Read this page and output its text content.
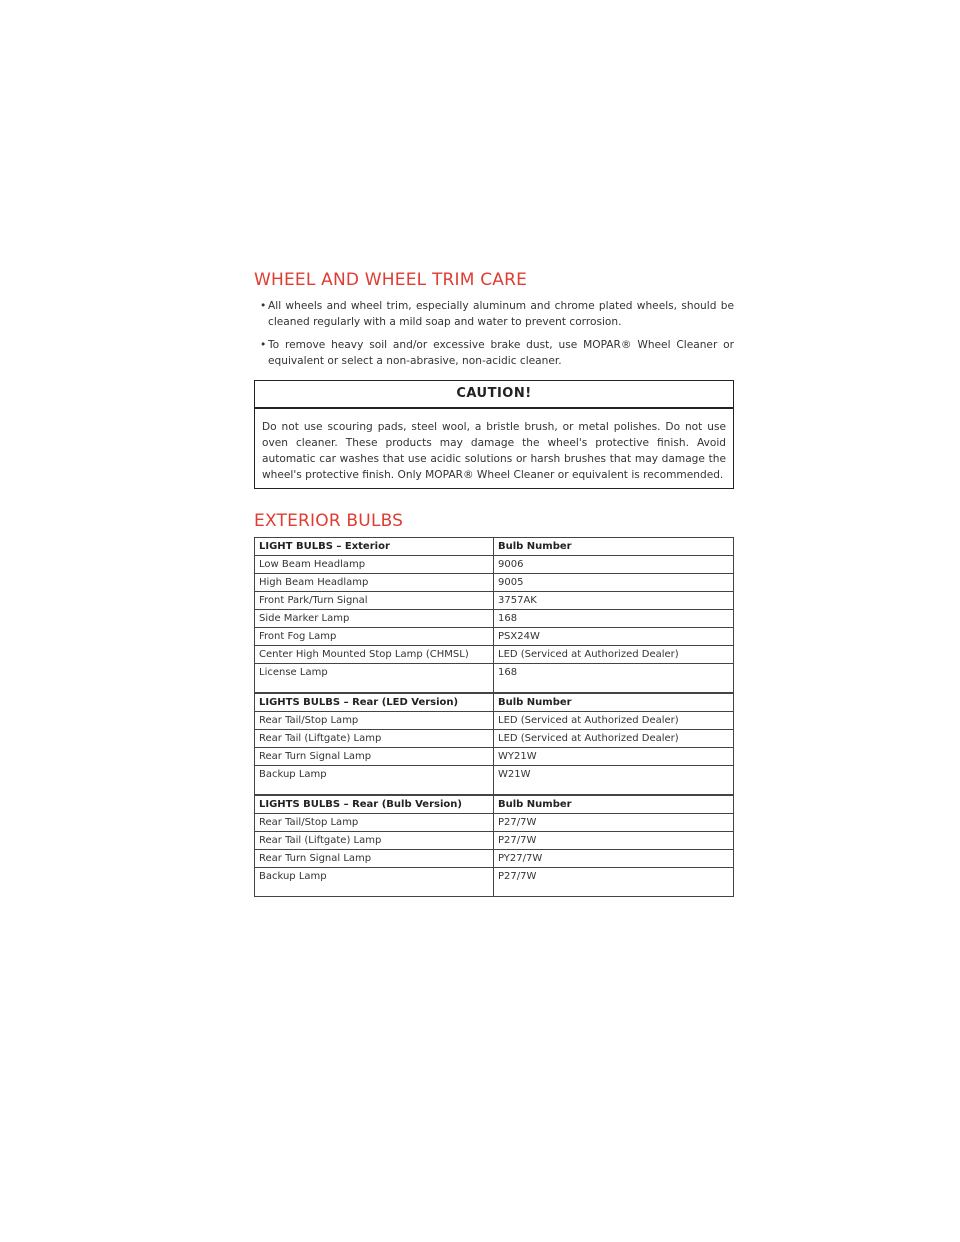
WHEEL AND WHEEL TRIM CARE
• All wheels and wheel trim, especially aluminum and chrome plated wheels, should be cleaned regularly with a mild soap and water to prevent corrosion.
• To remove heavy soil and/or excessive brake dust, use MOPAR® Wheel Cleaner or equivalent or select a non-abrasive, non-acidic cleaner.
CAUTION!
Do not use scouring pads, steel wool, a bristle brush, or metal polishes. Do not use oven cleaner. These products may damage the wheel's protective finish. Avoid automatic car washes that use acidic solutions or harsh brushes that may damage the wheel's protective finish. Only MOPAR® Wheel Cleaner or equivalent is recommended.
EXTERIOR BULBS
LIGHT BULBS – Exterior	Bulb Number
Low Beam Headlamp	9006
High Beam Headlamp	9005
Front Park/Turn Signal	3757AK
Side Marker Lamp	168
Front Fog Lamp	PSX24W
Center High Mounted Stop Lamp (CHMSL)	LED (Serviced at Authorized Dealer)
License Lamp	168
LIGHTS BULBS – Rear (LED Version)	Bulb Number
Rear Tail/Stop Lamp	LED (Serviced at Authorized Dealer)
Rear Tail (Liftgate) Lamp	LED (Serviced at Authorized Dealer)
Rear Turn Signal Lamp	WY21W
Backup Lamp	W21W
LIGHTS BULBS – Rear (Bulb Version)	Bulb Number
Rear Tail/Stop Lamp	P27/7W
Rear Tail (Liftgate) Lamp	P27/7W
Rear Turn Signal Lamp	PY27/7W
Backup Lamp	P27/7W
